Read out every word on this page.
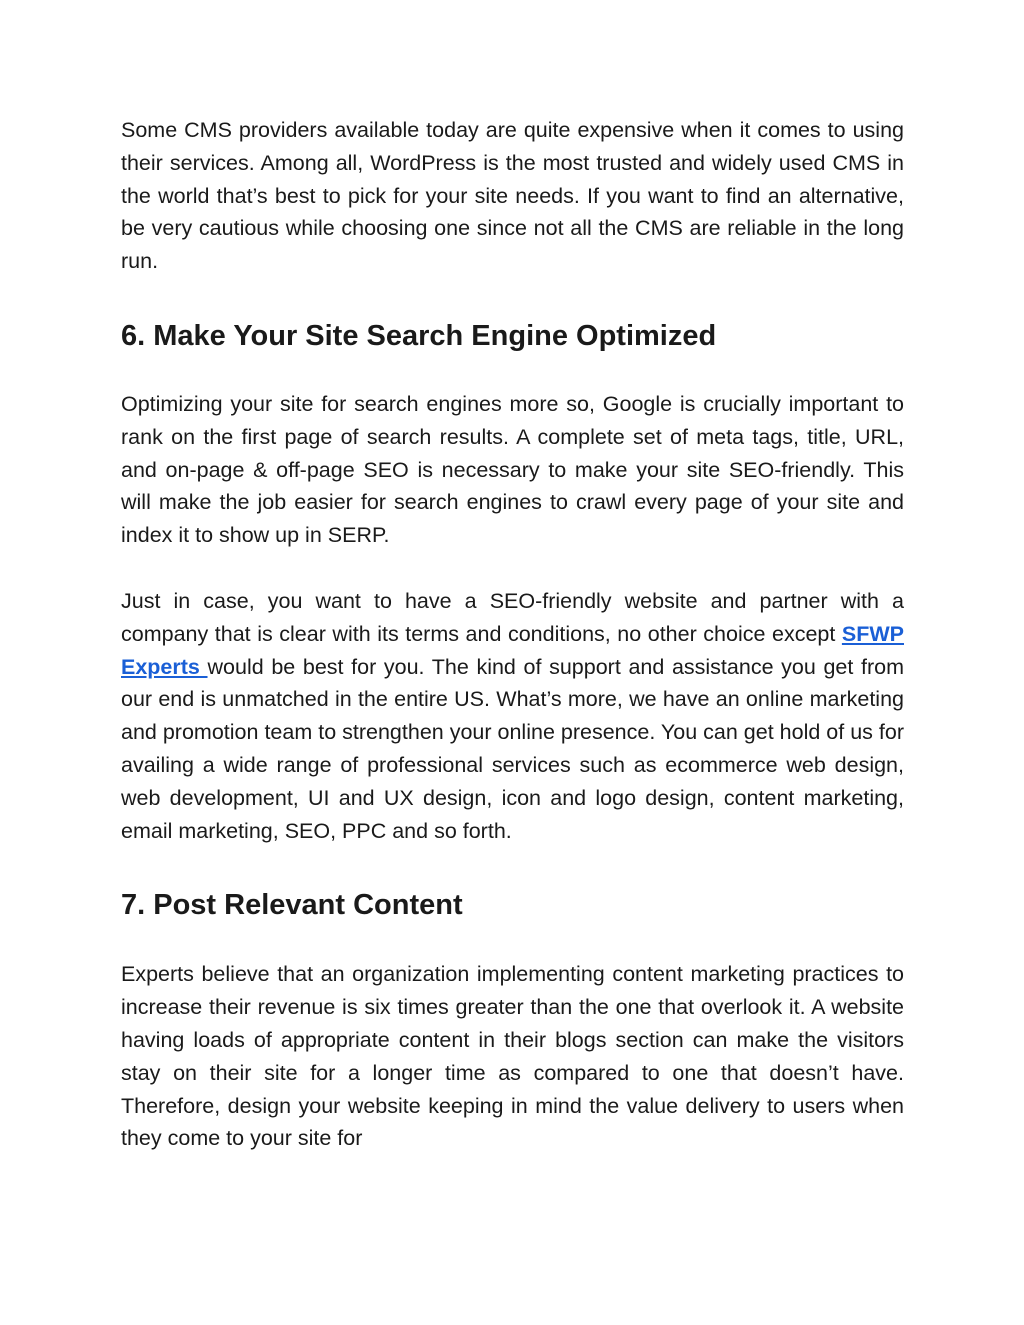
Some CMS providers available today are quite expensive when it comes to using their services. Among all, WordPress is the most trusted and widely used CMS in the world that’s best to pick for your site needs. If you want to find an alternative, be very cautious while choosing one since not all the CMS are reliable in the long run.

6. Make Your Site Search Engine Optimized

Optimizing your site for search engines more so, Google is crucially important to rank on the first page of search results. A complete set of meta tags, title, URL, and on-page & off-page SEO is necessary to make your site SEO-friendly. This will make the job easier for search engines to crawl every page of your site and index it to show up in SERP.

Just in case, you want to have a SEO-friendly website and partner with a company that is clear with its terms and conditions, no other choice except SFWP Experts would be best for you. The kind of support and assistance you get from our end is unmatched in the entire US. What’s more, we have an online marketing and promotion team to strengthen your online presence. You can get hold of us for availing a wide range of professional services such as ecommerce web design, web development, UI and UX design, icon and logo design, content marketing, email marketing, SEO, PPC and so forth.

7. Post Relevant Content

Experts believe that an organization implementing content marketing practices to increase their revenue is six times greater than the one that overlook it. A website having loads of appropriate content in their blogs section can make the visitors stay on their site for a longer time as compared to one that doesn’t have. Therefore, design your website keeping in mind the value delivery to users when they come to your site for
